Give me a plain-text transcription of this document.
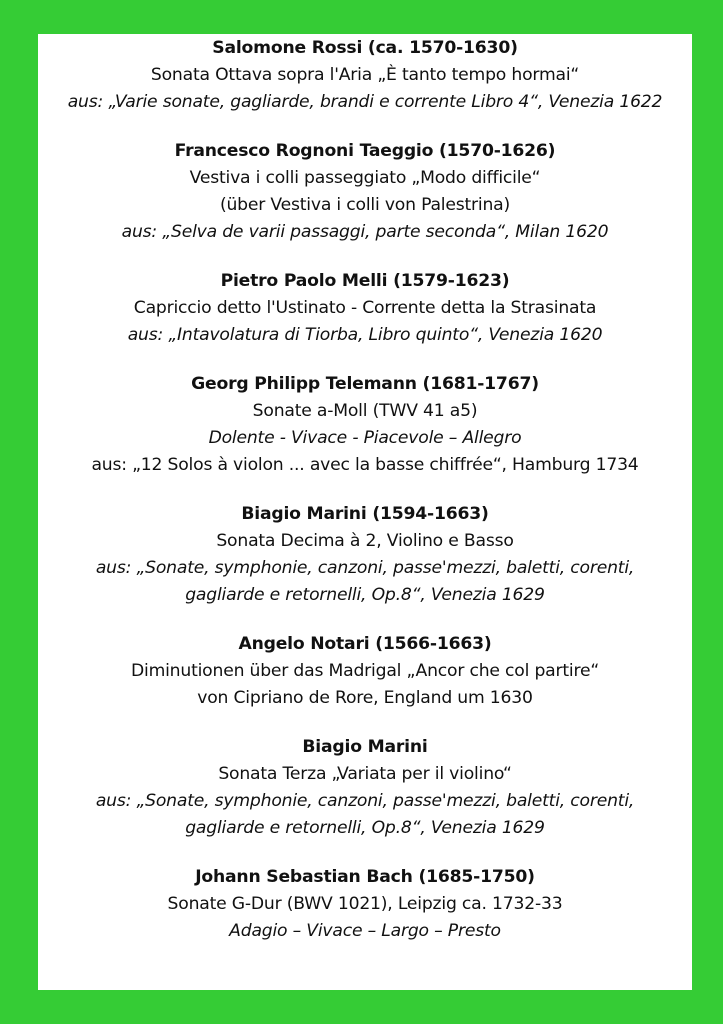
Salomone Rossi (ca. 1570-1630)
Sonata Ottava sopra l'Aria „È tanto tempo hormai“
aus: „Varie sonate, gagliarde, brandi e corrente Libro 4“, Venezia 1622
Francesco Rognoni Taeggio (1570-1626)
Vestiva i colli passeggiato „Modo difficile“
(über Vestiva i colli von Palestrina)
aus: „Selva de varii passaggi, parte seconda“, Milan 1620
Pietro Paolo Melli (1579-1623)
Capriccio detto l'Ustinato - Corrente detta la Strasinata
aus: „Intavolatura di Tiorba, Libro quinto“, Venezia 1620
Georg Philipp Telemann (1681-1767)
Sonate a-Moll (TWV 41 a5)
Dolente - Vivace - Piacevole – Allegro
aus: „12 Solos à violon ... avec la basse chiffrée“, Hamburg 1734
Biagio Marini (1594-1663)
Sonata Decima à 2, Violino e Basso
aus: „Sonate, symphonie, canzoni, passe'mezzi, baletti, corenti,
gagliarde e retornelli, Op.8“, Venezia 1629
Angelo Notari (1566-1663)
Diminutionen über das Madrigal „Ancor che col partire“
von Cipriano de Rore, England um 1630
Biagio Marini
Sonata Terza „Variata per il violino“
aus: „Sonate, symphonie, canzoni, passe'mezzi, baletti, corenti,
gagliarde e retornelli, Op.8“, Venezia 1629
Johann Sebastian Bach (1685-1750)
Sonate G-Dur (BWV 1021), Leipzig ca. 1732-33
Adagio – Vivace – Largo – Presto
